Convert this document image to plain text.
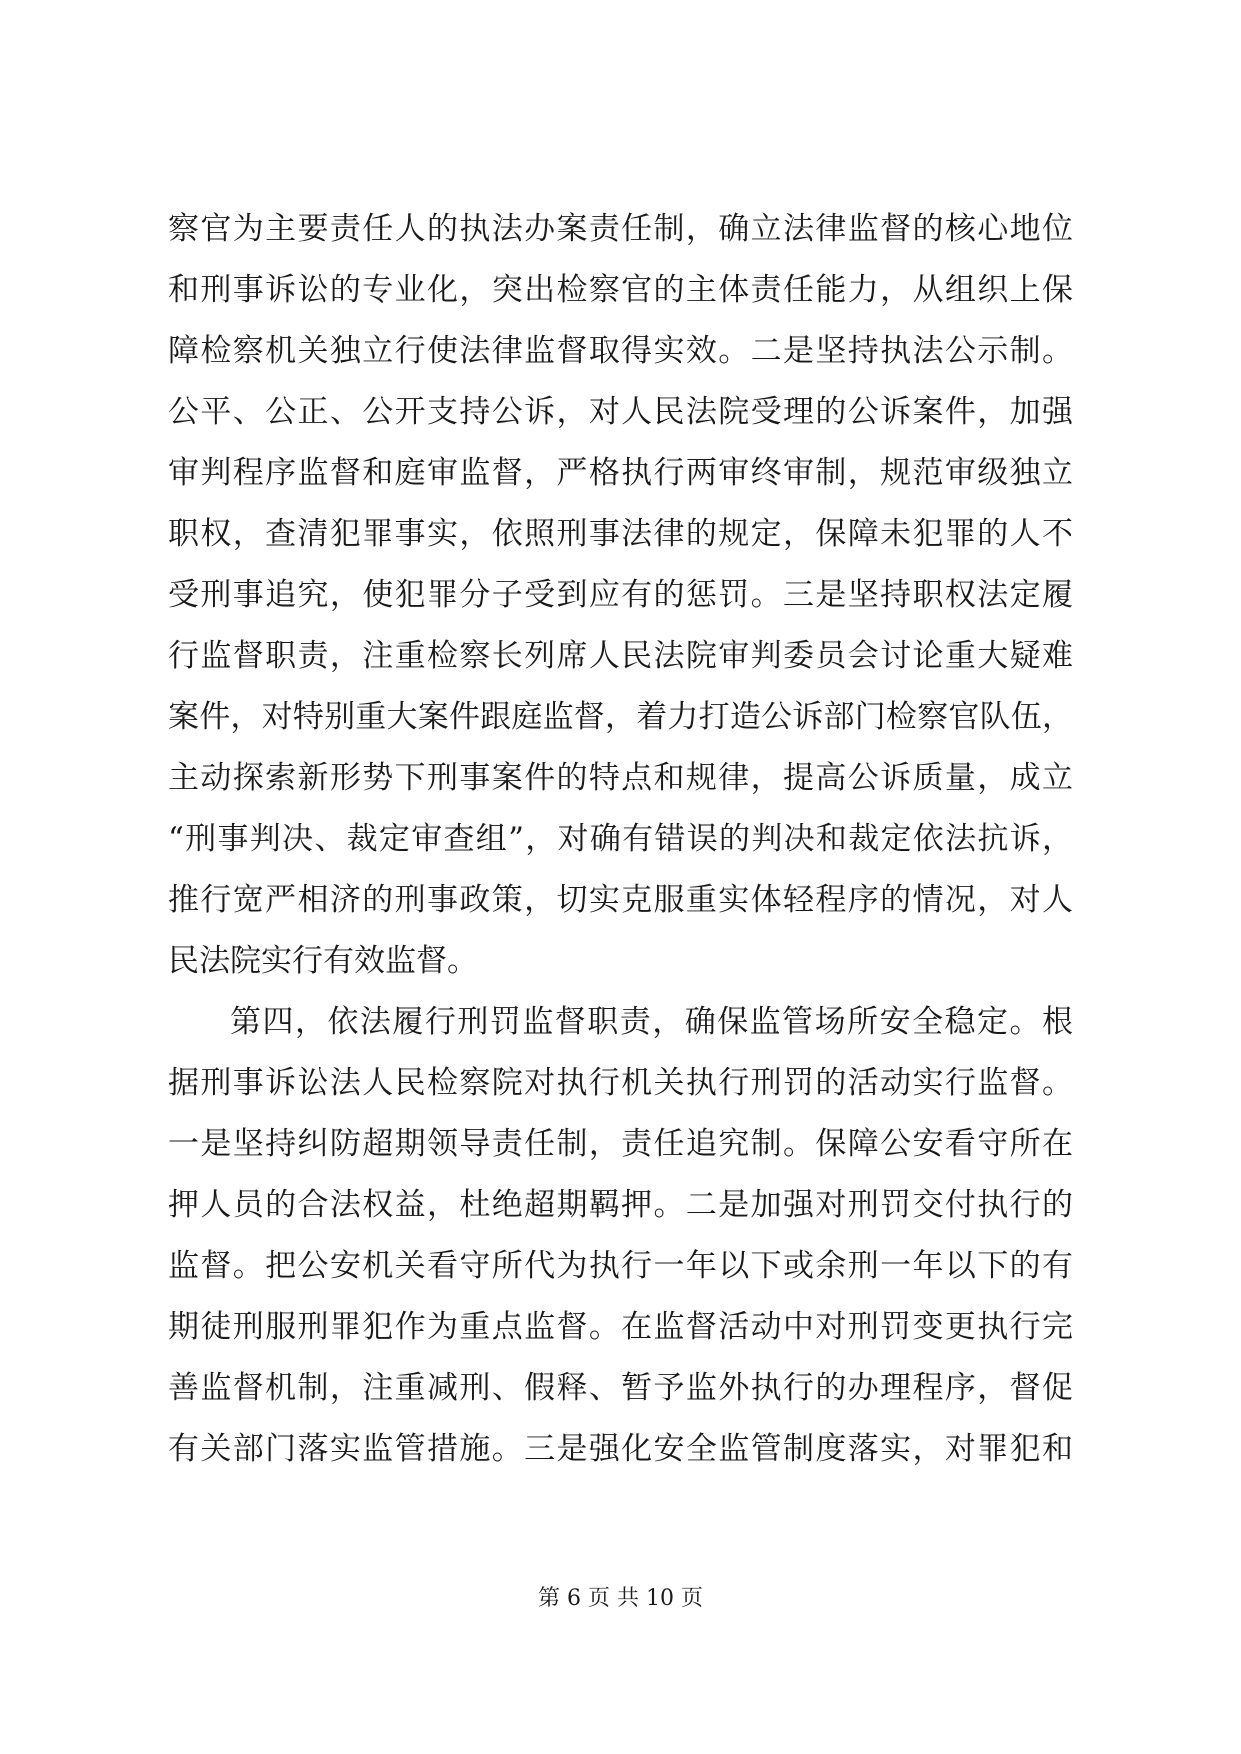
察官为主要责任人的执法办案责任制，确立法律监督的核心地位
和刑事诉讼的专业化，突出检察官的主体责任能力，从组织上保
障检察机关独立行使法律监督取得实效。二是坚持执法公示制。
公平、公正、公开支持公诉，对人民法院受理的公诉案件，加强
审判程序监督和庭审监督，严格执行两审终审制，规范审级独立
职权，查清犯罪事实，依照刑事法律的规定，保障未犯罪的人不
受刑事追究，使犯罪分子受到应有的惩罚。三是坚持职权法定履
行监督职责，注重检察长列席人民法院审判委员会讨论重大疑难
案件，对特别重大案件跟庭监督，着力打造公诉部门检察官队伍，
主动探索新形势下刑事案件的特点和规律，提高公诉质量，成立
“刑事判决、裁定审查组”，对确有错误的判决和裁定依法抗诉，
推行宽严相济的刑事政策，切实克服重实体轻程序的情况，对人
民法院实行有效监督。
第四，依法履行刑罚监督职责，确保监管场所安全稳定。根
据刑事诉讼法人民检察院对执行机关执行刑罚的活动实行监督。
一是坚持纠防超期领导责任制，责任追究制。保障公安看守所在
押人员的合法权益，杜绝超期羁押。二是加强对刑罚交付执行的
监督。把公安机关看守所代为执行一年以下或余刑一年以下的有
期徒刑服刑罪犯作为重点监督。在监督活动中对刑罚变更执行完
善监督机制，注重减刑、假释、暂予监外执行的办理程序，督促
有关部门落实监管措施。三是强化安全监管制度落实，对罪犯和
第 6 页 共 10 页
